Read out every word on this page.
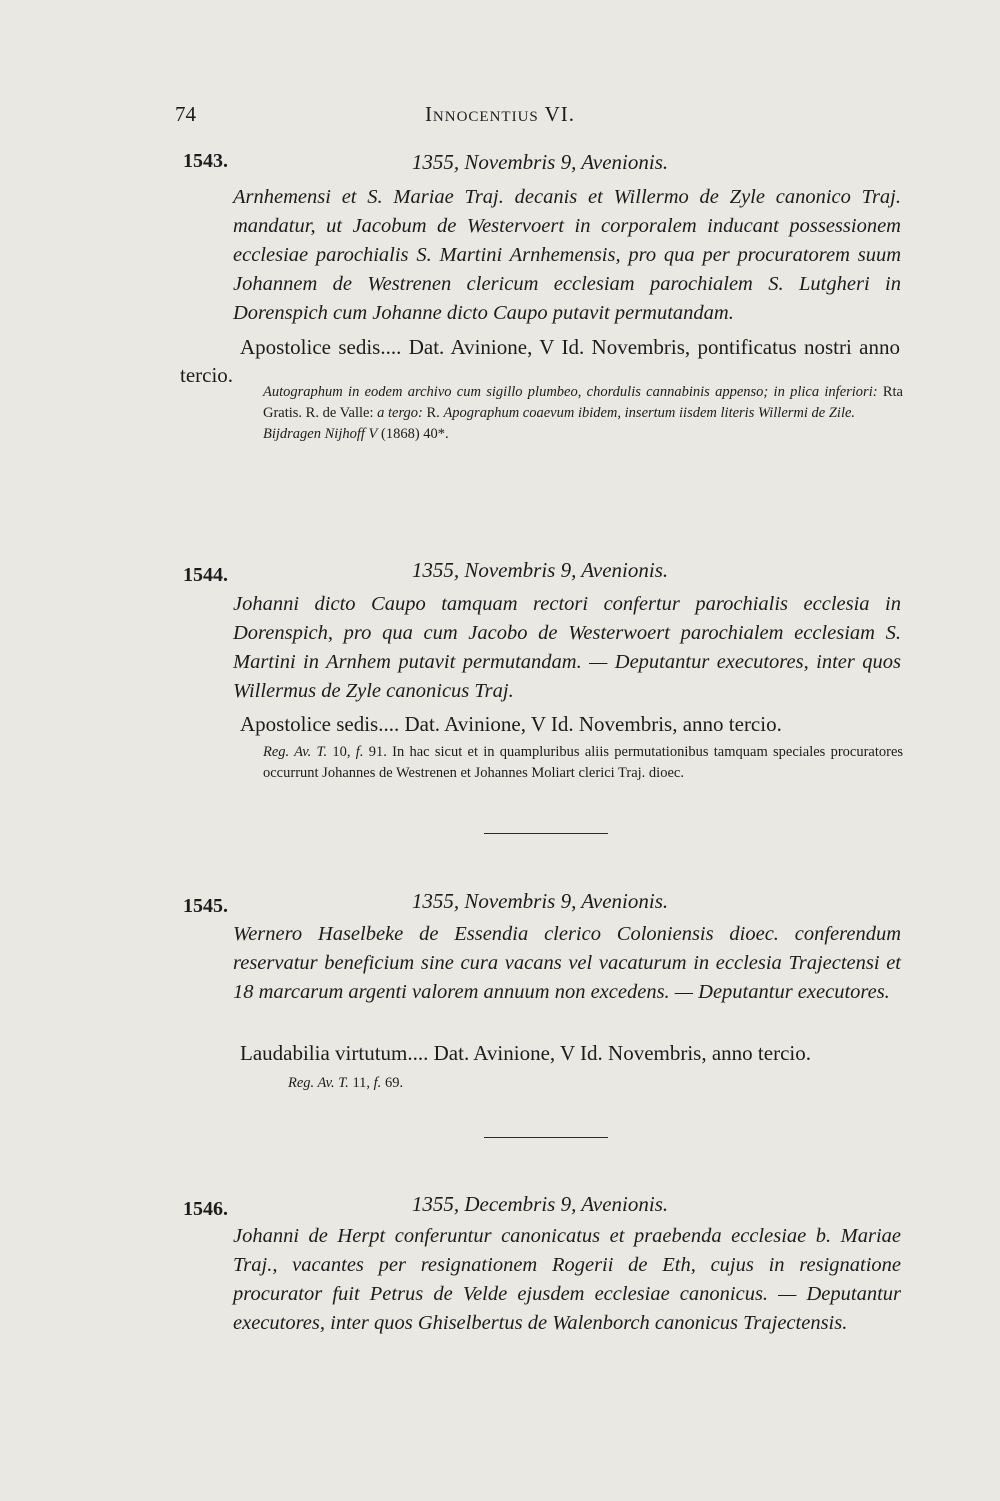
74	Innocentius VI.
1543.	1355, Novembris 9, Avenionis.
Arnhemensi et S. Mariae Traj. decanis et Willermo de Zyle canonico Traj. mandatur, ut Jacobum de Westervoert in corporalem inducant possessionem ecclesiae parochialis S. Martini Arnhemensis, pro qua per procuratorem suum Johannem de Westrenen clericum ecclesiam parochialem S. Lutgheri in Dorenspich cum Johanne dicto Caupo putavit permutandam.
Apostolice sedis.... Dat. Avinione, V Id. Novembris, pontificatus nostri anno tercio.
Autographum in eodem archivo cum sigillo plumbeo, chordulis cannabinis appenso; in plica inferiori: Rta Gratis. R. de Valle: a tergo: R. Apographum coaevum ibidem, insertum iisdem literis Willermi de Zile.
Bijdragen Nijhoff V (1868) 40*.
1544.	1355, Novembris 9, Avenionis.
Johanni dicto Caupo tamquam rectori confertur parochialis ecclesia in Dorenspich, pro qua cum Jacobo de Westerwoert parochialem ecclesiam S. Martini in Arnhem putavit permutandam. — Deputantur executores, inter quos Willermus de Zyle canonicus Traj.
Apostolice sedis.... Dat. Avinione, V Id. Novembris, anno tercio.
Reg. Av. T. 10, f. 91. In hac sicut et in quampluribus aliis permutationibus tamquam speciales procuratores occurrunt Johannes de Westrenen et Johannes Moliart clerici Traj. dioec.
1545.	1355, Novembris 9, Avenionis.
Wernero Haselbeke de Essendia clerico Coloniensis dioec. conferendum reservatur beneficium sine cura vacans vel vacaturum in ecclesia Trajectensi et 18 marcarum argenti valorem annuum non excedens. — Deputantur executores.
Laudabilia virtutum.... Dat. Avinione, V Id. Novembris, anno tercio.
Reg. Av. T. 11, f. 69.
1546.	1355, Decembris 9, Avenionis.
Johanni de Herpt conferuntur canonicatus et praebenda ecclesiae b. Mariae Traj., vacantes per resignationem Rogerii de Eth, cujus in resignatione procurator fuit Petrus de Velde ejusdem ecclesiae canonicus. — Deputantur executores, inter quos Ghiselbertus de Walenborch canonicus Trajectensis.
